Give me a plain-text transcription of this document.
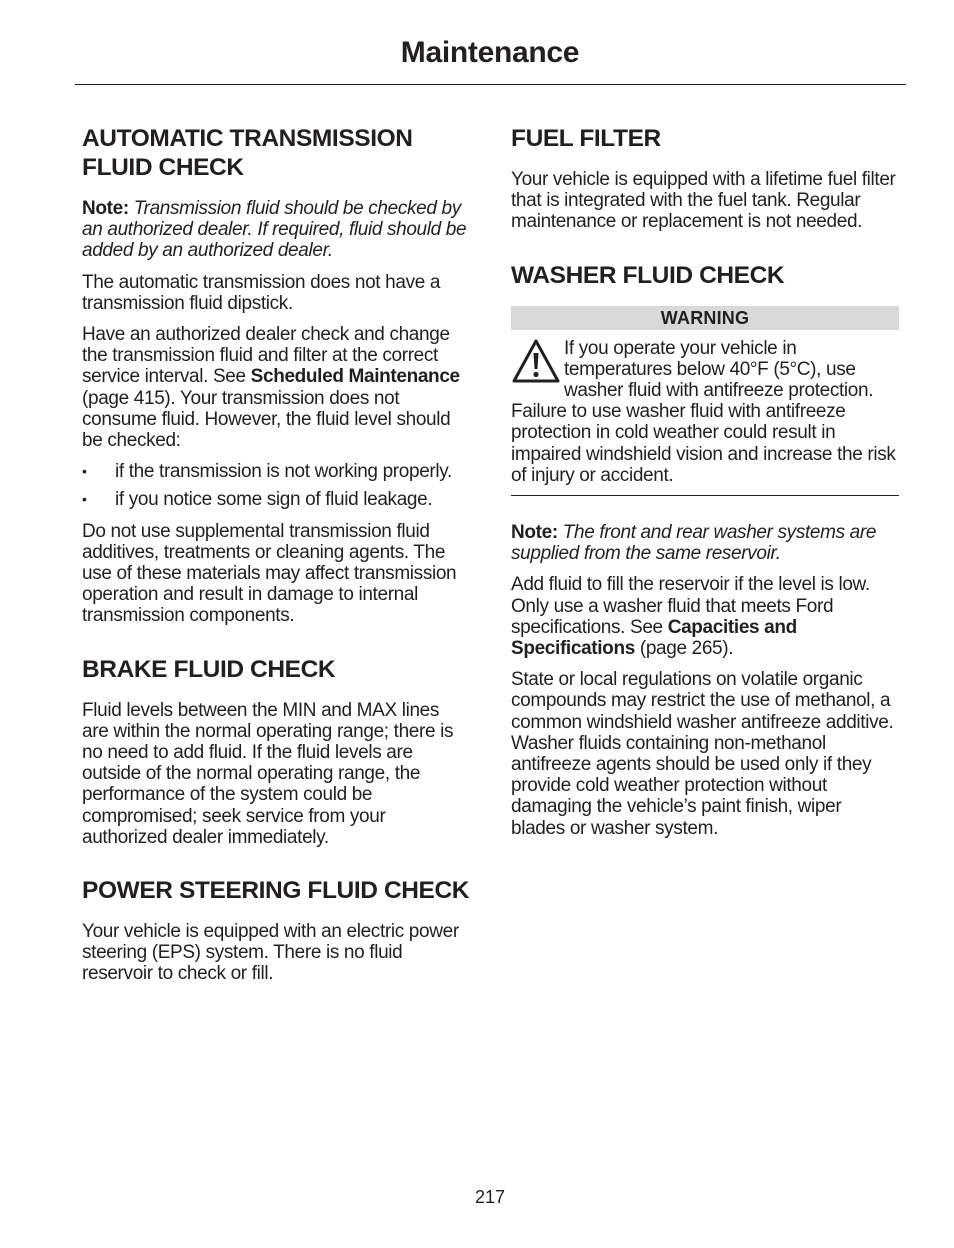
Maintenance
AUTOMATIC TRANSMISSION FLUID CHECK

Note: Transmission fluid should be checked by an authorized dealer. If required, fluid should be added by an authorized dealer.

The automatic transmission does not have a transmission fluid dipstick.

Have an authorized dealer check and change the transmission fluid and filter at the correct service interval. See Scheduled Maintenance (page 415). Your transmission does not consume fluid. However, the fluid level should be checked:

• if the transmission is not working properly.
• if you notice some sign of fluid leakage.

Do not use supplemental transmission fluid additives, treatments or cleaning agents. The use of these materials may affect transmission operation and result in damage to internal transmission components.

BRAKE FLUID CHECK

Fluid levels between the MIN and MAX lines are within the normal operating range; there is no need to add fluid. If the fluid levels are outside of the normal operating range, the performance of the system could be compromised; seek service from your authorized dealer immediately.

POWER STEERING FLUID CHECK

Your vehicle is equipped with an electric power steering (EPS) system. There is no fluid reservoir to check or fill.

FUEL FILTER

Your vehicle is equipped with a lifetime fuel filter that is integrated with the fuel tank. Regular maintenance or replacement is not needed.

WASHER FLUID CHECK
WARNING
If you operate your vehicle in temperatures below 40°F (5°C), use washer fluid with antifreeze protection. Failure to use washer fluid with antifreeze protection in cold weather could result in impaired windshield vision and increase the risk of injury or accident.

Note: The front and rear washer systems are supplied from the same reservoir.

Add fluid to fill the reservoir if the level is low. Only use a washer fluid that meets Ford specifications. See Capacities and Specifications (page 265).

State or local regulations on volatile organic compounds may restrict the use of methanol, a common windshield washer antifreeze additive. Washer fluids containing non-methanol antifreeze agents should be used only if they provide cold weather protection without damaging the vehicle’s paint finish, wiper blades or washer system.

217
